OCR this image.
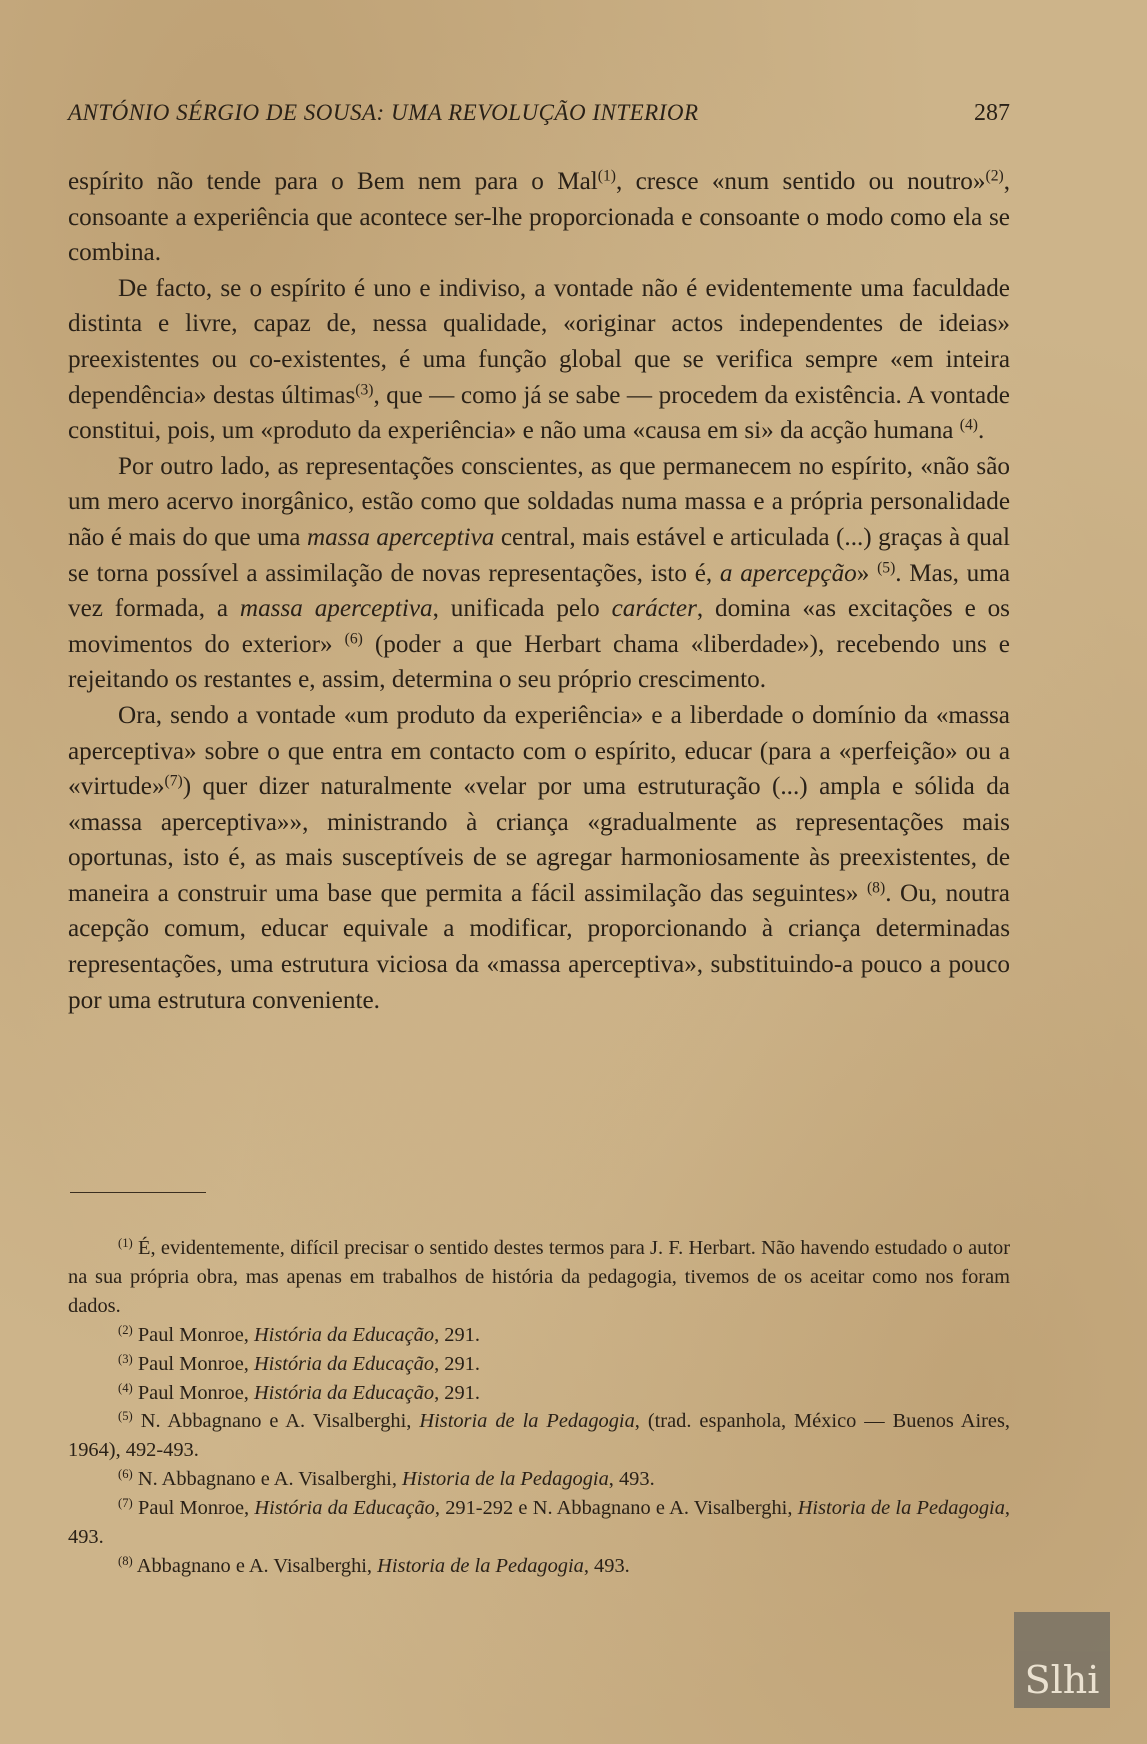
ANTÓNIO SÉRGIO DE SOUSA: UMA REVOLUÇÃO INTERIOR	287

espírito não tende para o Bem nem para o Mal$^{(1)}$, cresce «num sentido ou noutro»$^{(2)}$, consoante a experiência que acontece ser-lhe proporcionada e consoante o modo como ela se combina.

De facto, se o espírito é uno e indiviso, a vontade não é evidentemente uma faculdade distinta e livre, capaz de, nessa qualidade, «originar actos independentes de ideias» preexistentes ou co-existentes, é uma função global que se verifica sempre «em inteira dependência» destas últimas$^{(3)}$, que — como já se sabe — procedem da existência. A vontade constitui, pois, um «produto da experiência» e não uma «causa em si» da acção humana $^{(4)}$.

Por outro lado, as representações conscientes, as que permanecem no espírito, «não são um mero acervo inorgânico, estão como que soldadas numa massa e a própria personalidade não é mais do que uma massa aperceptiva central, mais estável e articulada (...) graças à qual se torna possível a assimilação de novas representações, isto é, a apercepção» $^{(5)}$. Mas, uma vez formada, a massa aperceptiva, unificada pelo carácter, domina «as excitações e os movimentos do exterior» $^{(6)}$ (poder a que Herbart chama «liberdade»), recebendo uns e rejeitando os restantes e, assim, determina o seu próprio crescimento.

Ora, sendo a vontade «um produto da experiência» e a liberdade o domínio da «massa aperceptiva» sobre o que entra em contacto com o espírito, educar (para a «perfeição» ou a «virtude»$^{(7)}$) quer dizer naturalmente «velar por uma estruturação (...) ampla e sólida da «massa aperceptiva»», ministrando à criança «gradualmente as representações mais oportunas, isto é, as mais susceptíveis de se agregar harmoniosamente às preexistentes, de maneira a construir uma base que permita a fácil assimilação das seguintes» $^{(8)}$. Ou, noutra acepção comum, educar equivale a modificar, proporcionando à criança determinadas representações, uma estrutura viciosa da «massa aperceptiva», substituindo-a pouco a pouco por uma estrutura conveniente.

$^{(1)}$ É, evidentemente, difícil precisar o sentido destes termos para J. F. Herbart. Não havendo estudado o autor na sua própria obra, mas apenas em trabalhos de história da pedagogia, tivemos de os aceitar como nos foram dados.

$^{(2)}$ Paul Monroe, História da Educação, 291.

$^{(3)}$ Paul Monroe, História da Educação, 291.

$^{(4)}$ Paul Monroe, História da Educação, 291.

$^{(5)}$ N. Abbagnano e A. Visalberghi, Historia de la Pedagogia, (trad. espanhola, México — Buenos Aires, 1964), 492-493.

$^{(6)}$ N. Abbagnano e A. Visalberghi, Historia de la Pedagogia, 493.

$^{(7)}$ Paul Monroe, História da Educação, 291-292 e N. Abbagnano e A. Visalberghi, Historia de la Pedagogia, 493.

$^{(8)}$ Abbagnano e A. Visalberghi, Historia de la Pedagogia, 493.

Slhi
